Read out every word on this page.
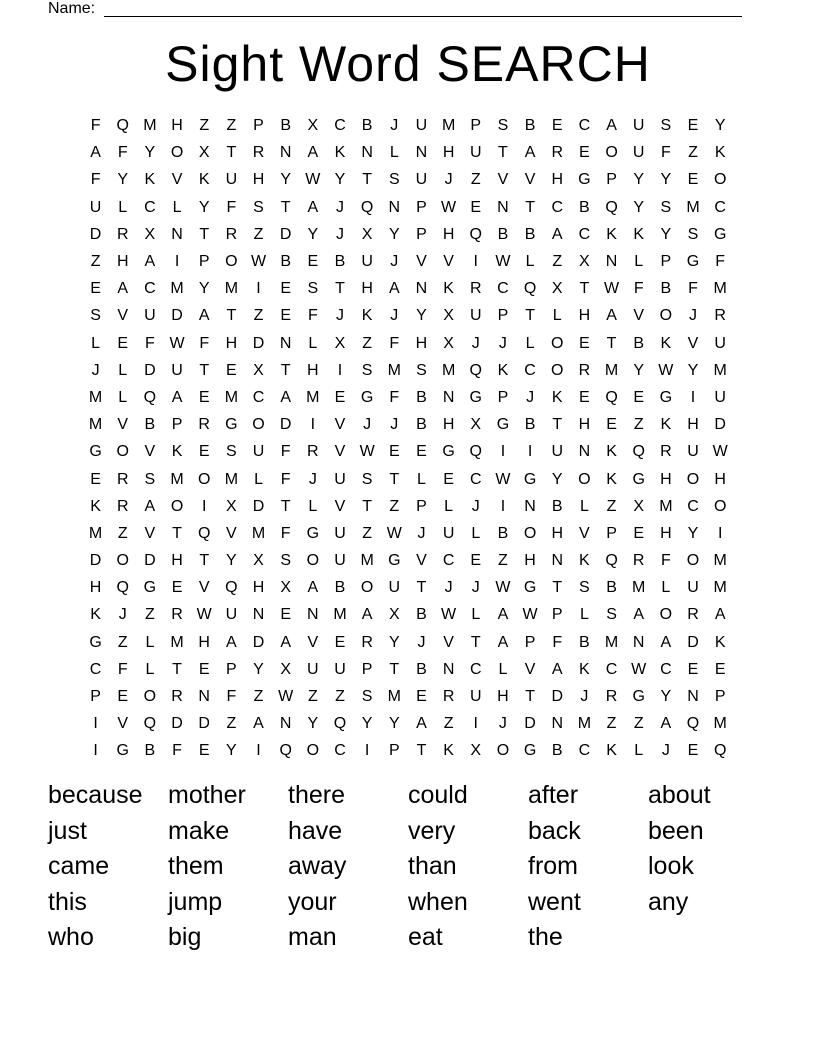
Name:
Sight Word SEARCH
F	Q M H	Z	Z	P	B	X	C	B	J	U M P	S	B	E	C	A	U	S	E	Y
A	F	Y O X	T	R N	A	K	N	L	N H U	T	A	R	E O U	F	Z	K
F	Y	K	V	K	U H	Y W Y	T	S	U	J	Z	V	V	H G P	Y	Y	E O
U	L	C	L	Y	F	S	T	A	J	Q N	P W E	N	T	C	B Q Y	S M C
D R	X	N	T	R	Z	D	Y	J	X	Y	P	H Q B	B	A	C	K	K	Y	S G
Z	H	A	I	P O W B	E	B	U	J	V	V	I	W L	Z	X	N	L	P G	F
E	A	C M Y M	I	E	S	T	H	A	N	K	R C Q X	T W F	B	F M
S	V	U D	A	T	Z	E	F	J	K	J	Y	X	U	P	T	L	H	A	V O	J	R
L	E	F W F	H D N	L	X	Z	F	H	X	J	J	L	O E	T	B	K	V	U
J	L	D U	T	E	X	T	H	I	S M S M Q K	C O R M Y W Y M
M	L	Q A	E M C	A M E G	F	B	N G P	J	K	E Q E G	I	U
M V	B	P	R G O D	I	V	J	J	B	H	X G B	T	H	E	Z	K	H D
G O V	K	E	S	U	F	R	V W E	E G Q	I	I	U N	K Q R U W
E	R	S M O M	L	F	J	U	S	T	L	E	C W G Y O K G H O H
K	R	A O	I	X	D	T	L	V	T	Z	P	L	J	I	N	B	L	Z	X M C O
M Z	V	T	Q V M F	G U	Z W J	U	L	B O H	V	P	E	H	Y	I
D O D H	T	Y	X	S O U M G V	C	E	Z	H N	K Q R	F	O M
H Q G E	V Q H	X	A	B O U	T	J	J W G	T	S	B M	L	U M
K	J	Z	R W U N	E	N M A	X	B W L	A W P	L	S	A O R	A
G	Z	L	M H	A	D	A	V	E	R	Y	J	V	T	A	P	F	B M N	A	D	K
C	F	L	T	E	P	Y	X	U U	P	T	B	N C	L	V	A	K	C W C	E	E
P	E O R N	F	Z W Z	Z	S M E	R U H	T	D	J	R G Y	N	P
I	V Q D D	Z	A	N	Y Q Y	Y	A	Z	I	J	D N M Z	Z	A Q M
I	G B	F	E	Y	I	Q O C	I	P	T	K	X O G B	C	K	L	J	E Q
because	mother	there	could	after	about
just	make	have	very	back	been
came	them	away	than	from	look
this	jump	your	when	went	any
who	big	man	eat	the
